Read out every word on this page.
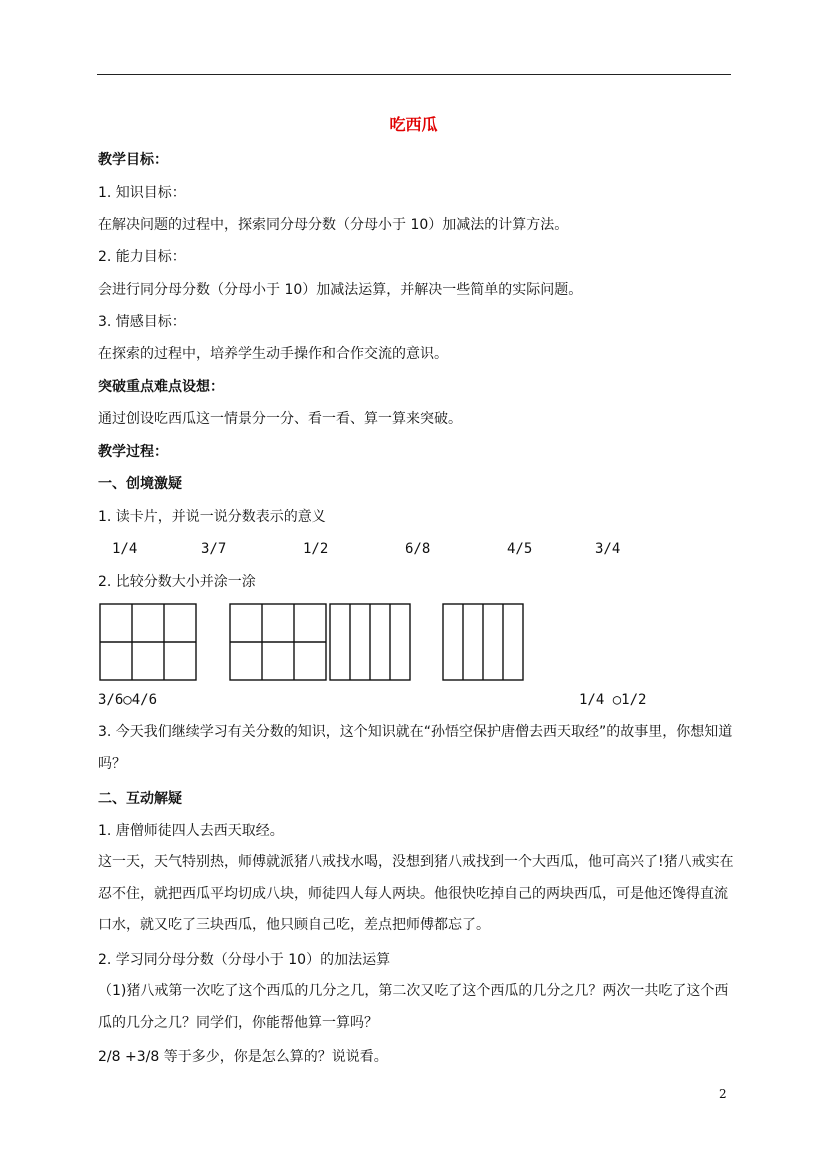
吃西瓜
教学目标：
1. 知识目标：
在解决问题的过程中，探索同分母分数（分母小于 10）加减法的计算方法。
2. 能力目标：
会进行同分母分数（分母小于 10）加减法运算，并解决一些简单的实际问题。
3. 情感目标：
在探索的过程中，培养学生动手操作和合作交流的意识。
突破重点难点设想：
通过创设吃西瓜这一情景分一分、看一看、算一算来突破。
教学过程：
一、创境激疑
1. 读卡片，并说一说分数表示的意义
1/4	3/7	1/2	6/8	4/5	3/4
2. 比较分数大小并涂一涂
3/6○4/6	1/4 ○1/2
3. 今天我们继续学习有关分数的知识，这个知识就在“孙悟空保护唐僧去西天取经”的故事里，你想知道吗？
二、互动解疑
1. 唐僧师徒四人去西天取经。
这一天，天气特别热，师傅就派猪八戒找水喝，没想到猪八戒找到一个大西瓜，他可高兴了!猪八戒实在忍不住，就把西瓜平均切成八块，师徒四人每人两块。他很快吃掉自己的两块西瓜，可是他还馋得直流口水，就又吃了三块西瓜，他只顾自己吃，差点把师傅都忘了。
2. 学习同分母分数（分母小于 10）的加法运算
（1)猪八戒第一次吃了这个西瓜的几分之几，第二次又吃了这个西瓜的几分之几？两次一共吃了这个西瓜的几分之几？同学们，你能帮他算一算吗？
2/8 +3/8 等于多少，你是怎么算的？说说看。
2
